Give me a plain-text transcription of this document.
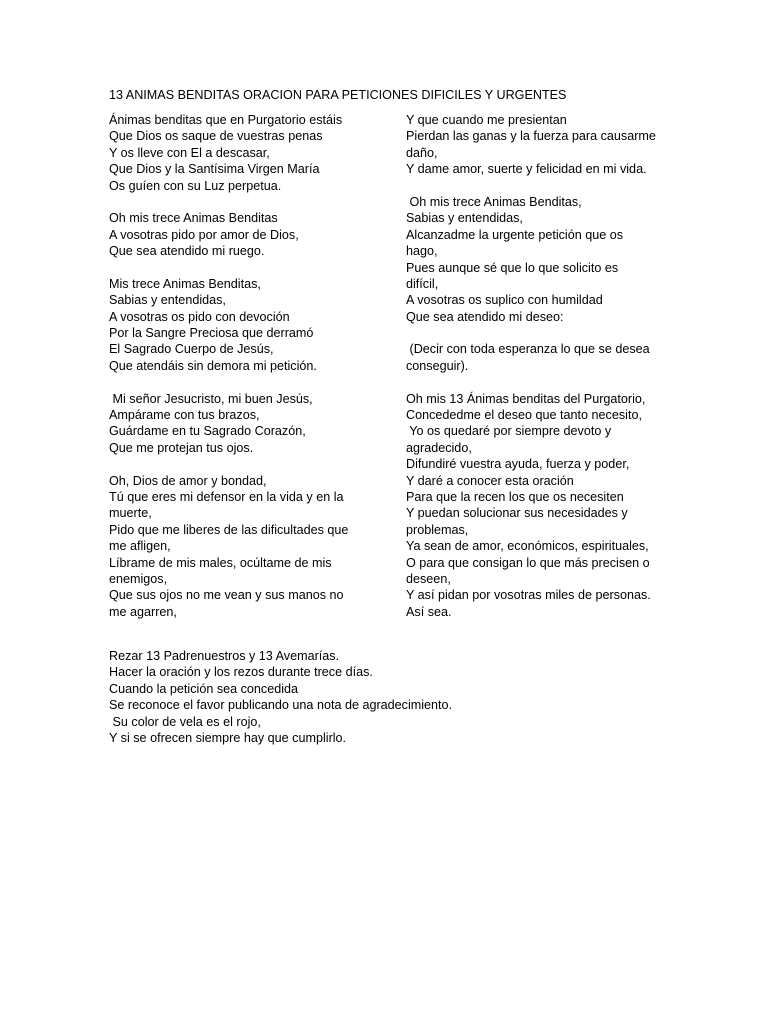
13 ANIMAS BENDITAS ORACION PARA PETICIONES DIFICILES Y URGENTES
Ánimas benditas que en Purgatorio estáis
Que Dios os saque de vuestras penas
Y os lleve con El a descasar,
Que Dios y la Santísima Virgen María
Os guíen con su Luz perpetua.
Oh mis trece Animas Benditas
A vosotras pido por amor de Dios,
Que sea atendido mi ruego.
Mis trece Animas Benditas,
Sabias y entendidas,
A vosotras os pido con devoción
Por la Sangre Preciosa que derramó
El Sagrado Cuerpo de Jesús,
Que atendáis sin demora mi petición.
Mi señor Jesucristo, mi buen Jesús,
Ampárame con tus brazos,
Guárdame en tu Sagrado Corazón,
Que me protejan tus ojos.
Oh, Dios de amor y bondad,
Tú que eres mi defensor en la vida y en la
muerte,
Pido que me liberes de las dificultades que
me afligen,
Líbrame de mis males, ocúltame de mis
enemigos,
Que sus ojos no me vean y sus manos no
me agarren,
Y que cuando me presientan
Pierdan las ganas y la fuerza para causarme
daño,
Y dame amor, suerte y felicidad en mi vida.
Oh mis trece Animas Benditas,
Sabias y entendidas,
Alcanzadme la urgente petición que os
hago,
Pues aunque sé que lo que solicito es
difícil,
A vosotras os suplico con humildad
Que sea atendido mi deseo:
(Decir con toda esperanza lo que se desea
conseguir).
Oh mis 13 Ánimas benditas del Purgatorio,
Concededme el deseo que tanto necesito,
Yo os quedaré por siempre devoto y
agradecido,
Difundiré vuestra ayuda, fuerza y poder,
Y daré a conocer esta oración
Para que la recen los que os necesiten
Y puedan solucionar sus necesidades y
problemas,
Ya sean de amor, económicos, espirituales,
O para que consigan lo que más precisen o
deseen,
Y así pidan por vosotras miles de personas.
Así sea.
Rezar 13 Padrenuestros y 13 Avemarías.
Hacer la oración y los rezos durante trece días.
Cuando la petición sea concedida
Se reconoce el favor publicando una nota de agradecimiento.
Su color de vela es el rojo,
Y si se ofrecen siempre hay que cumplirlo.
